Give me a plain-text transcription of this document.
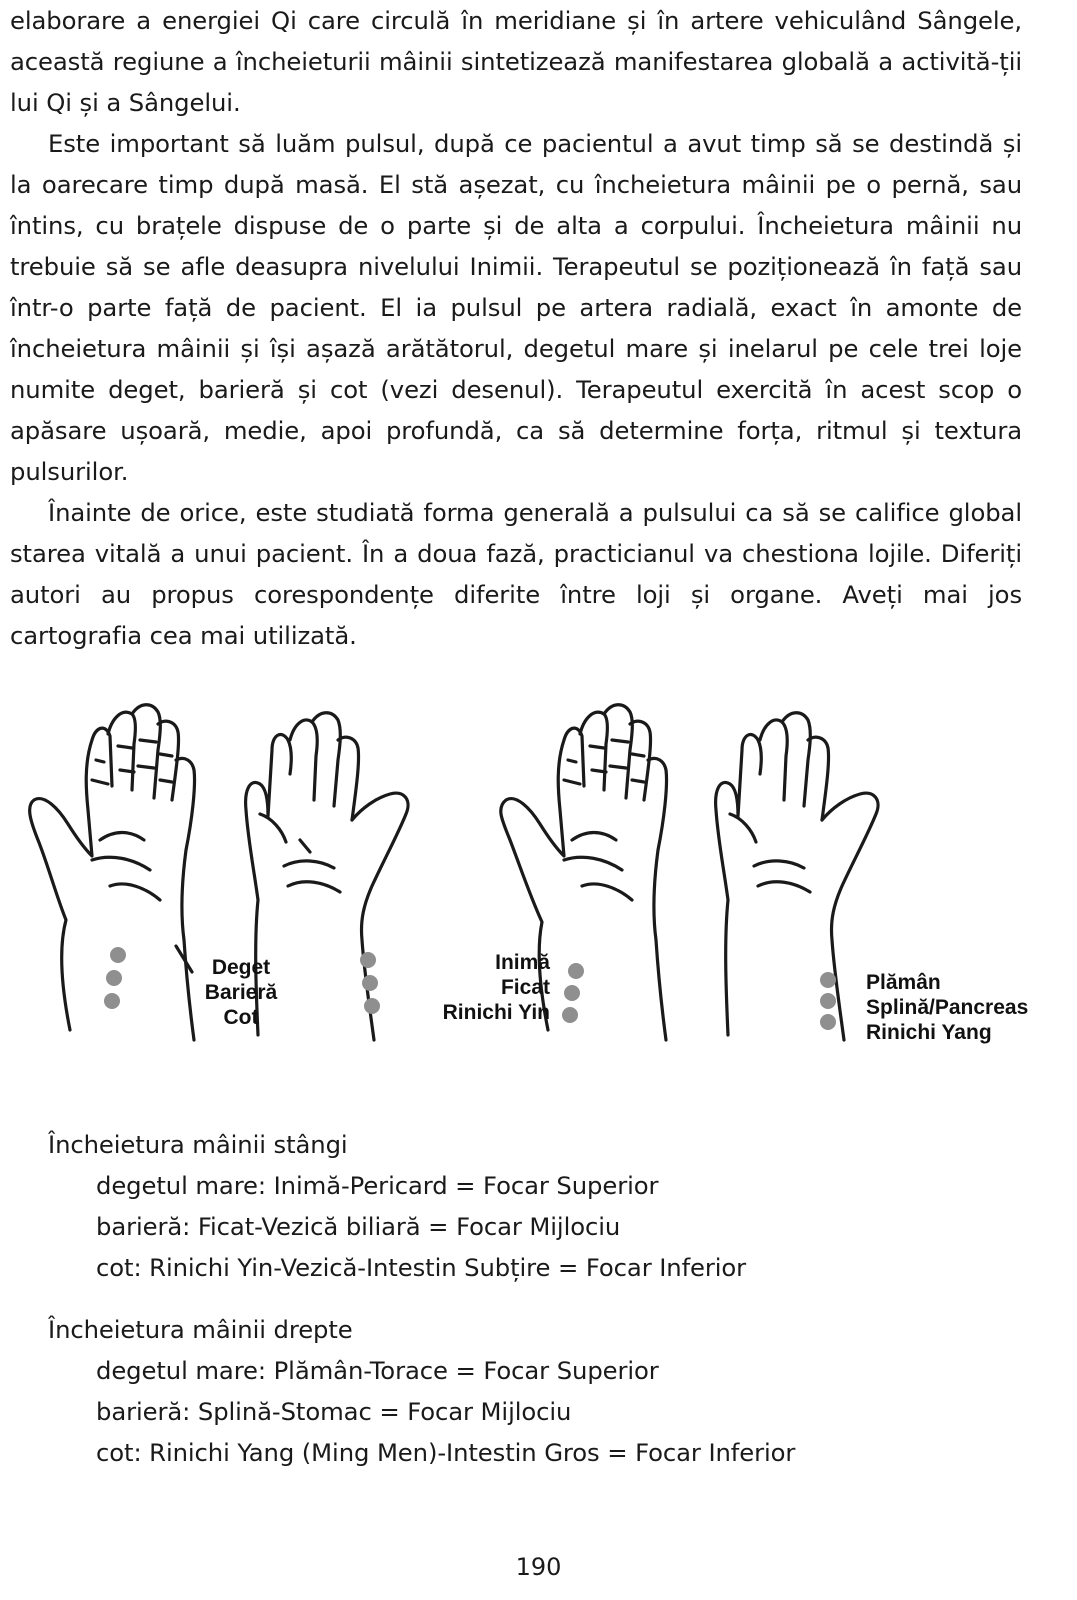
elaborare a energiei Qi care circulă în meridiane și în artere vehiculând Sângele, această regiune a încheieturii mâinii sintetizează manifestarea globală a activită-ții lui Qi și a Sângelui.

Este important să luăm pulsul, după ce pacientul a avut timp să se destindă și la oarecare timp după masă. El stă așezat, cu încheietura mâinii pe o pernă, sau întins, cu brațele dispuse de o parte și de alta a corpului. Încheietura mâinii nu trebuie să se afle deasupra nivelului Inimii. Terapeutul se poziționează în față sau într-o parte față de pacient. El ia pulsul pe artera radială, exact în amonte de încheietura mâinii și își așază arătătorul, degetul mare și inelarul pe cele trei loje numite deget, barieră și cot (vezi desenul). Terapeutul exercită în acest scop o apăsare ușoară, medie, apoi profundă, ca să determine forța, ritmul și textura pulsurilor.

Înainte de orice, este studiată forma generală a pulsului ca să se califice global starea vitală a unui pacient. În a doua fază, practicianul va chestiona lojile. Diferiți autori au propus corespondențe diferite între loji și organe. Aveți mai jos cartografia cea mai utilizată.

Deget
Barieră
Cot
Inimă
Ficat
Rinichi Yin
Plămân
Splină/Pancreas
Rinichi Yang

Încheietura mâinii stângi

degetul mare: Inimă-Pericard = Focar Superior

barieră: Ficat-Vezică biliară = Focar Mijlociu

cot: Rinichi Yin-Vezică-Intestin Subțire = Focar Inferior

Încheietura mâinii drepte

degetul mare: Plămân-Torace = Focar Superior

barieră: Splină-Stomac = Focar Mijlociu

cot: Rinichi Yang (Ming Men)-Intestin Gros = Focar Inferior

190
